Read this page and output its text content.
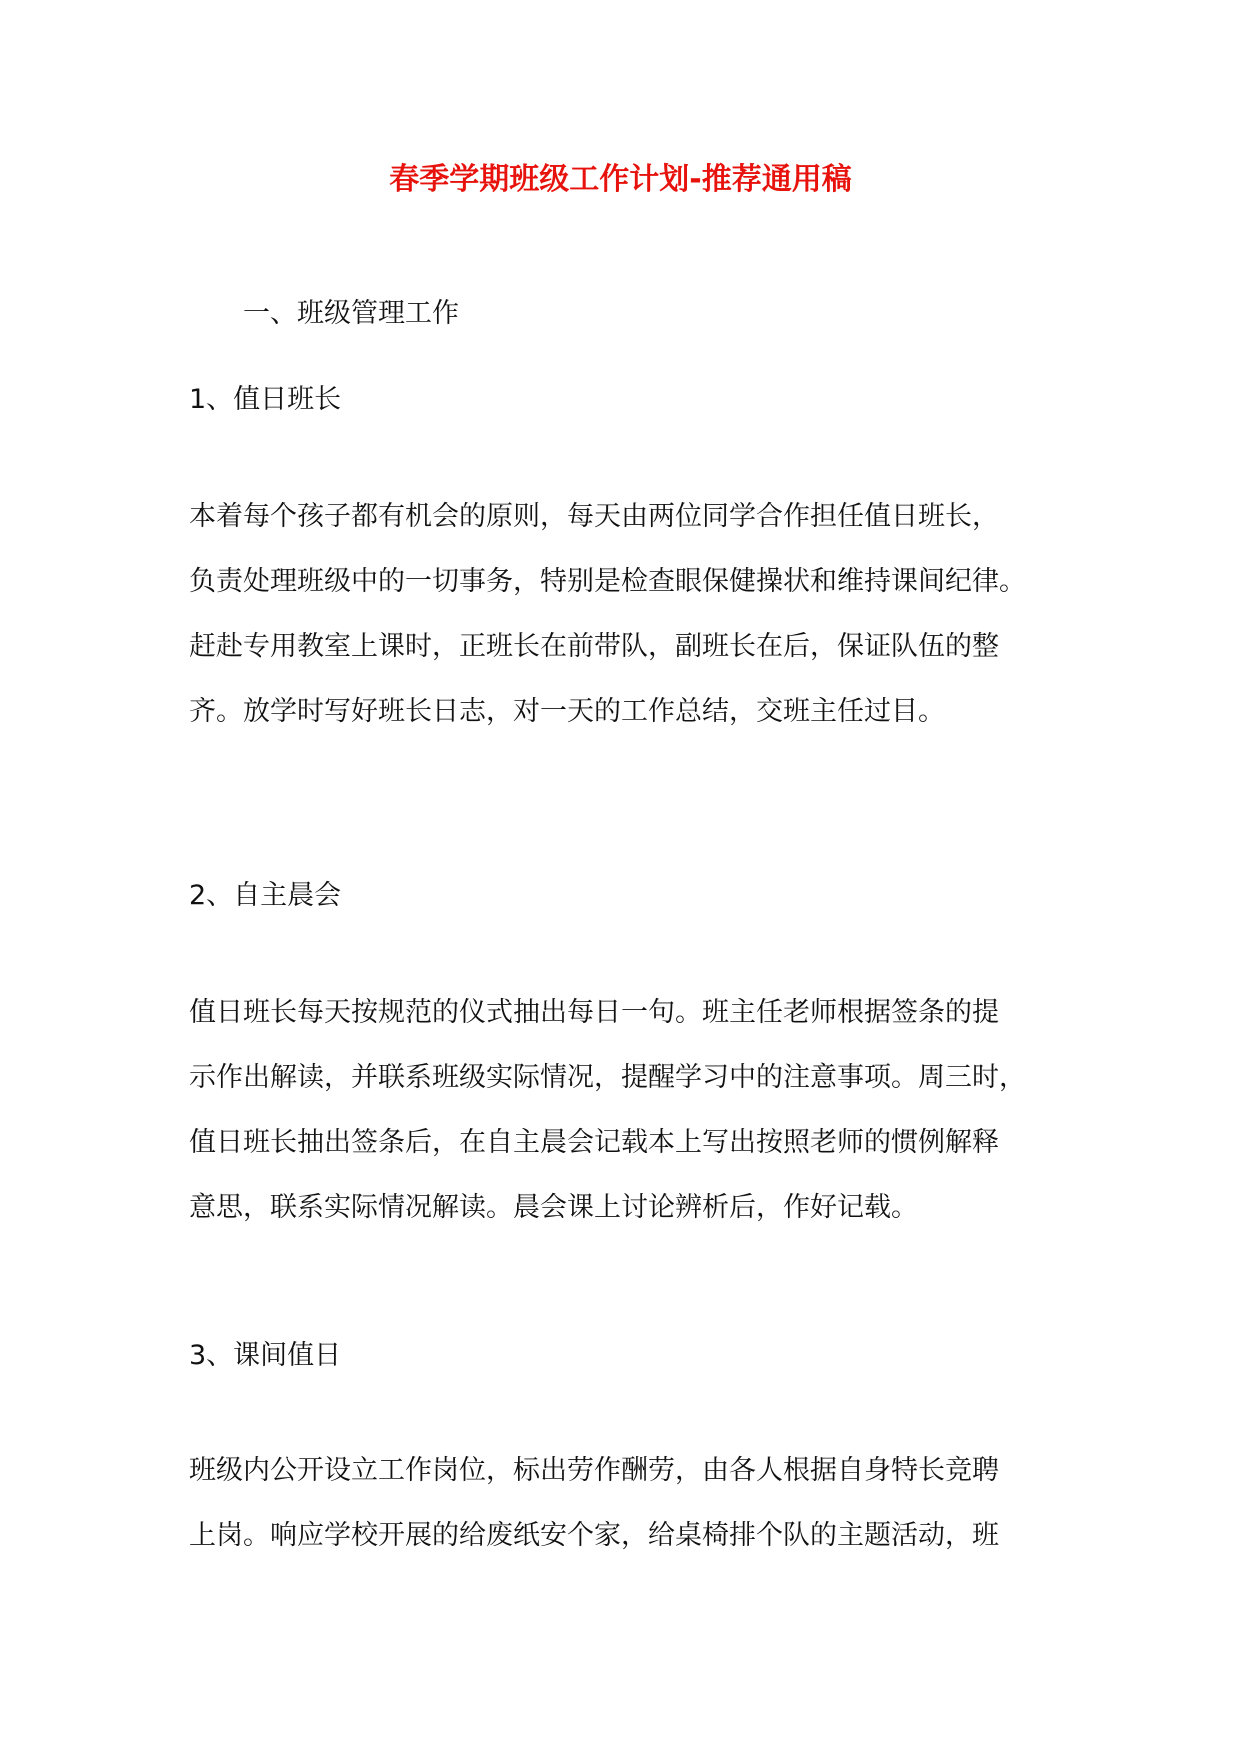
春季学期班级工作计划-推荐通用稿
一、班级管理工作
1、值日班长
本着每个孩子都有机会的原则，每天由两位同学合作担任值日班长，
负责处理班级中的一切事务，特别是检查眼保健操状和维持课间纪律。
赶赴专用教室上课时，正班长在前带队，副班长在后，保证队伍的整
齐。放学时写好班长日志，对一天的工作总结，交班主任过目。
2、自主晨会
值日班长每天按规范的仪式抽出每日一句。班主任老师根据签条的提
示作出解读，并联系班级实际情况，提醒学习中的注意事项。周三时，
值日班长抽出签条后，在自主晨会记载本上写出按照老师的惯例解释
意思，联系实际情况解读。晨会课上讨论辨析后，作好记载。
3、课间值日
班级内公开设立工作岗位，标出劳作酬劳，由各人根据自身特长竞聘
上岗。响应学校开展的给废纸安个家，给桌椅排个队的主题活动，班
